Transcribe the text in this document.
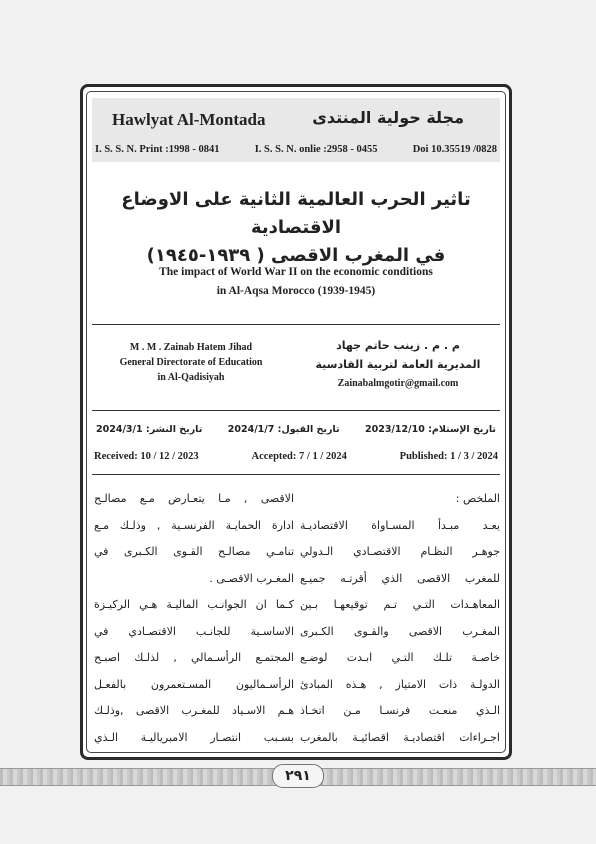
Hawlyat Al-Montada	مجلة حولية المنتدى
I. S. S. N. Print :1998 - 0841	I. S. S. N. onlie :2958 - 0455	Doi 10.35519 /0828
تاثير الحرب العالمية الثانية على الاوضاع الاقتصادية
في المغرب الاقصى ( ١٩٣٩-١٩٤٥)
The impact of World War II on the economic conditions
in Al-Aqsa Morocco (1939-1945)
M . M . Zainab Hatem Jihad
General Directorate of Education
in Al-Qadisiyah
م . م . زينب حاتم جهاد
المديرية العامة لتربية القادسية
Zainabalmgotir@gmail.com
تاريخ الإستلام: 2023/12/10
تاريخ القبول: 2024/1/7
تاريخ النشر: 2024/3/1
Received: 10 / 12 / 2023	Accepted: 7 / 1 / 2024	Published: 1 / 3 / 2024
الملخص :
يعـد مبـدأ المسـاواة الاقتصاديـة
جوهـر النظـام الاقتصـادي الـدولي
للمغرب الاقصى الذي أقرتـه جميـع
المعاهـدات التـي تـم توقيعهـا بـين
المغـرب الاقصى والقـوى الكـبرى
خاصـة تلـك التـي ابـدت لوضـع
الدولـة ذات الامتياز , هـذه المبادئ
الـذي منعـت فرنسـا مـن اتخـاذ
اجـراءات اقتصاديـة اقصائيـة بالمغرب
الاقصى , مـا يتعـارض مـع مصالـح
ادارة الحمايـة الفرنسـية , وذلـك مـع
تنامـي مصالـح القـوى الكـبرى في
المغـرب الاقصـى .
كـما ان الجوانـب الماليـة هـي الركيـزة
الاساسـية للجانـب الاقتصـادي في
المجتمـع الرأسـمالي , لذلـك اصبـح
الرأسـماليون المسـتعمرون بالفعـل
هـم الاسـياد للمغـرب الاقصى ,وذلـك
بسـبب انتصـار الامبرياليـة الـذي
٢٩١
